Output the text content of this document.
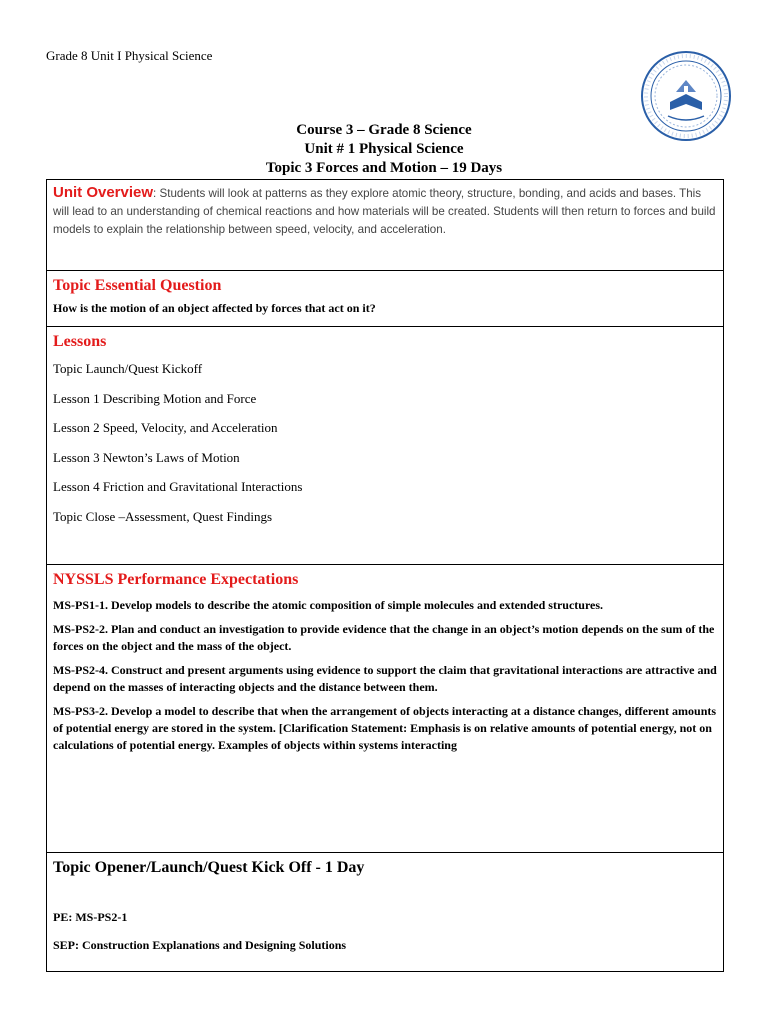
Grade 8 Unit I Physical Science
Course 3 – Grade 8 Science
Unit # 1 Physical Science
Topic 3 Forces and Motion – 19 Days
Unit Overview: Students will look at patterns as they explore atomic theory, structure, bonding, and acids and bases. This will lead to an understanding of chemical reactions and how materials will be created. Students will then return to forces and build models to explain the relationship between speed, velocity, and acceleration.

Topic Essential Question
How is the motion of an object affected by forces that act on it?

Lessons
Topic Launch/Quest Kickoff
Lesson 1 Describing Motion and Force
Lesson 2 Speed, Velocity, and Acceleration
Lesson 3 Newton’s Laws of Motion
Lesson 4 Friction and Gravitational Interactions
Topic Close –Assessment, Quest Findings

NYSSLS Performance Expectations
MS-PS1-1. Develop models to describe the atomic composition of simple molecules and extended structures.
MS-PS2-2. Plan and conduct an investigation to provide evidence that the change in an object’s motion depends on the sum of the forces on the object and the mass of the object.
MS-PS2-4. Construct and present arguments using evidence to support the claim that gravitational interactions are attractive and depend on the masses of interacting objects and the distance between them.
MS-PS3-2. Develop a model to describe that when the arrangement of objects interacting at a distance changes, different amounts of potential energy are stored in the system. [Clarification Statement: Emphasis is on relative amounts of potential energy, not on calculations of potential energy. Examples of objects within systems interacting

Topic Opener/Launch/Quest Kick Off - 1 Day
PE: MS-PS2-1
SEP: Construction Explanations and Designing Solutions
